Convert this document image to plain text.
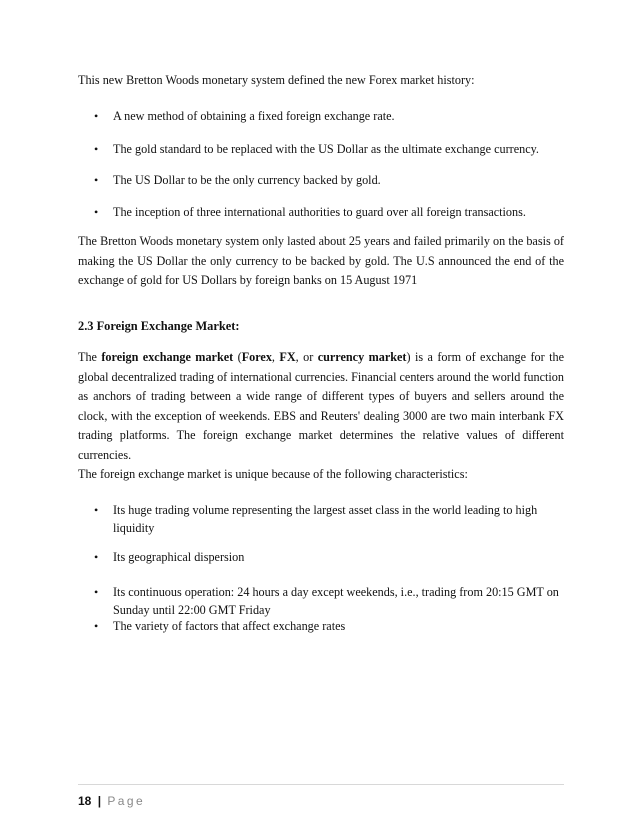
This new Bretton Woods monetary system defined the new Forex market history:

•	A new method of obtaining a fixed foreign exchange rate.
•	The gold standard to be replaced with the US Dollar as the ultimate exchange currency.
•	The US Dollar to be the only currency backed by gold.
•	The inception of three international authorities to guard over all foreign transactions.

The Bretton Woods monetary system only lasted about 25 years and failed primarily on the basis of making the US Dollar the only currency to be backed by gold. The U.S announced the end of the exchange of gold for US Dollars by foreign banks on 15 August 1971

2.3 Foreign Exchange Market:

The foreign exchange market (Forex, FX, or currency market) is a form of exchange for the global decentralized trading of international currencies. Financial centers around the world function as anchors of trading between a wide range of different types of buyers and sellers around the clock, with the exception of weekends. EBS and Reuters' dealing 3000 are two main interbank FX trading platforms. The foreign exchange market determines the relative values of different currencies.

The foreign exchange market is unique because of the following characteristics:

•	Its huge trading volume representing the largest asset class in the world leading to high liquidity
•	Its geographical dispersion
•	Its continuous operation: 24 hours a day except weekends, i.e., trading from 20:15 GMT on Sunday until 22:00 GMT Friday
•	The variety of factors that affect exchange rates
18 | Page
